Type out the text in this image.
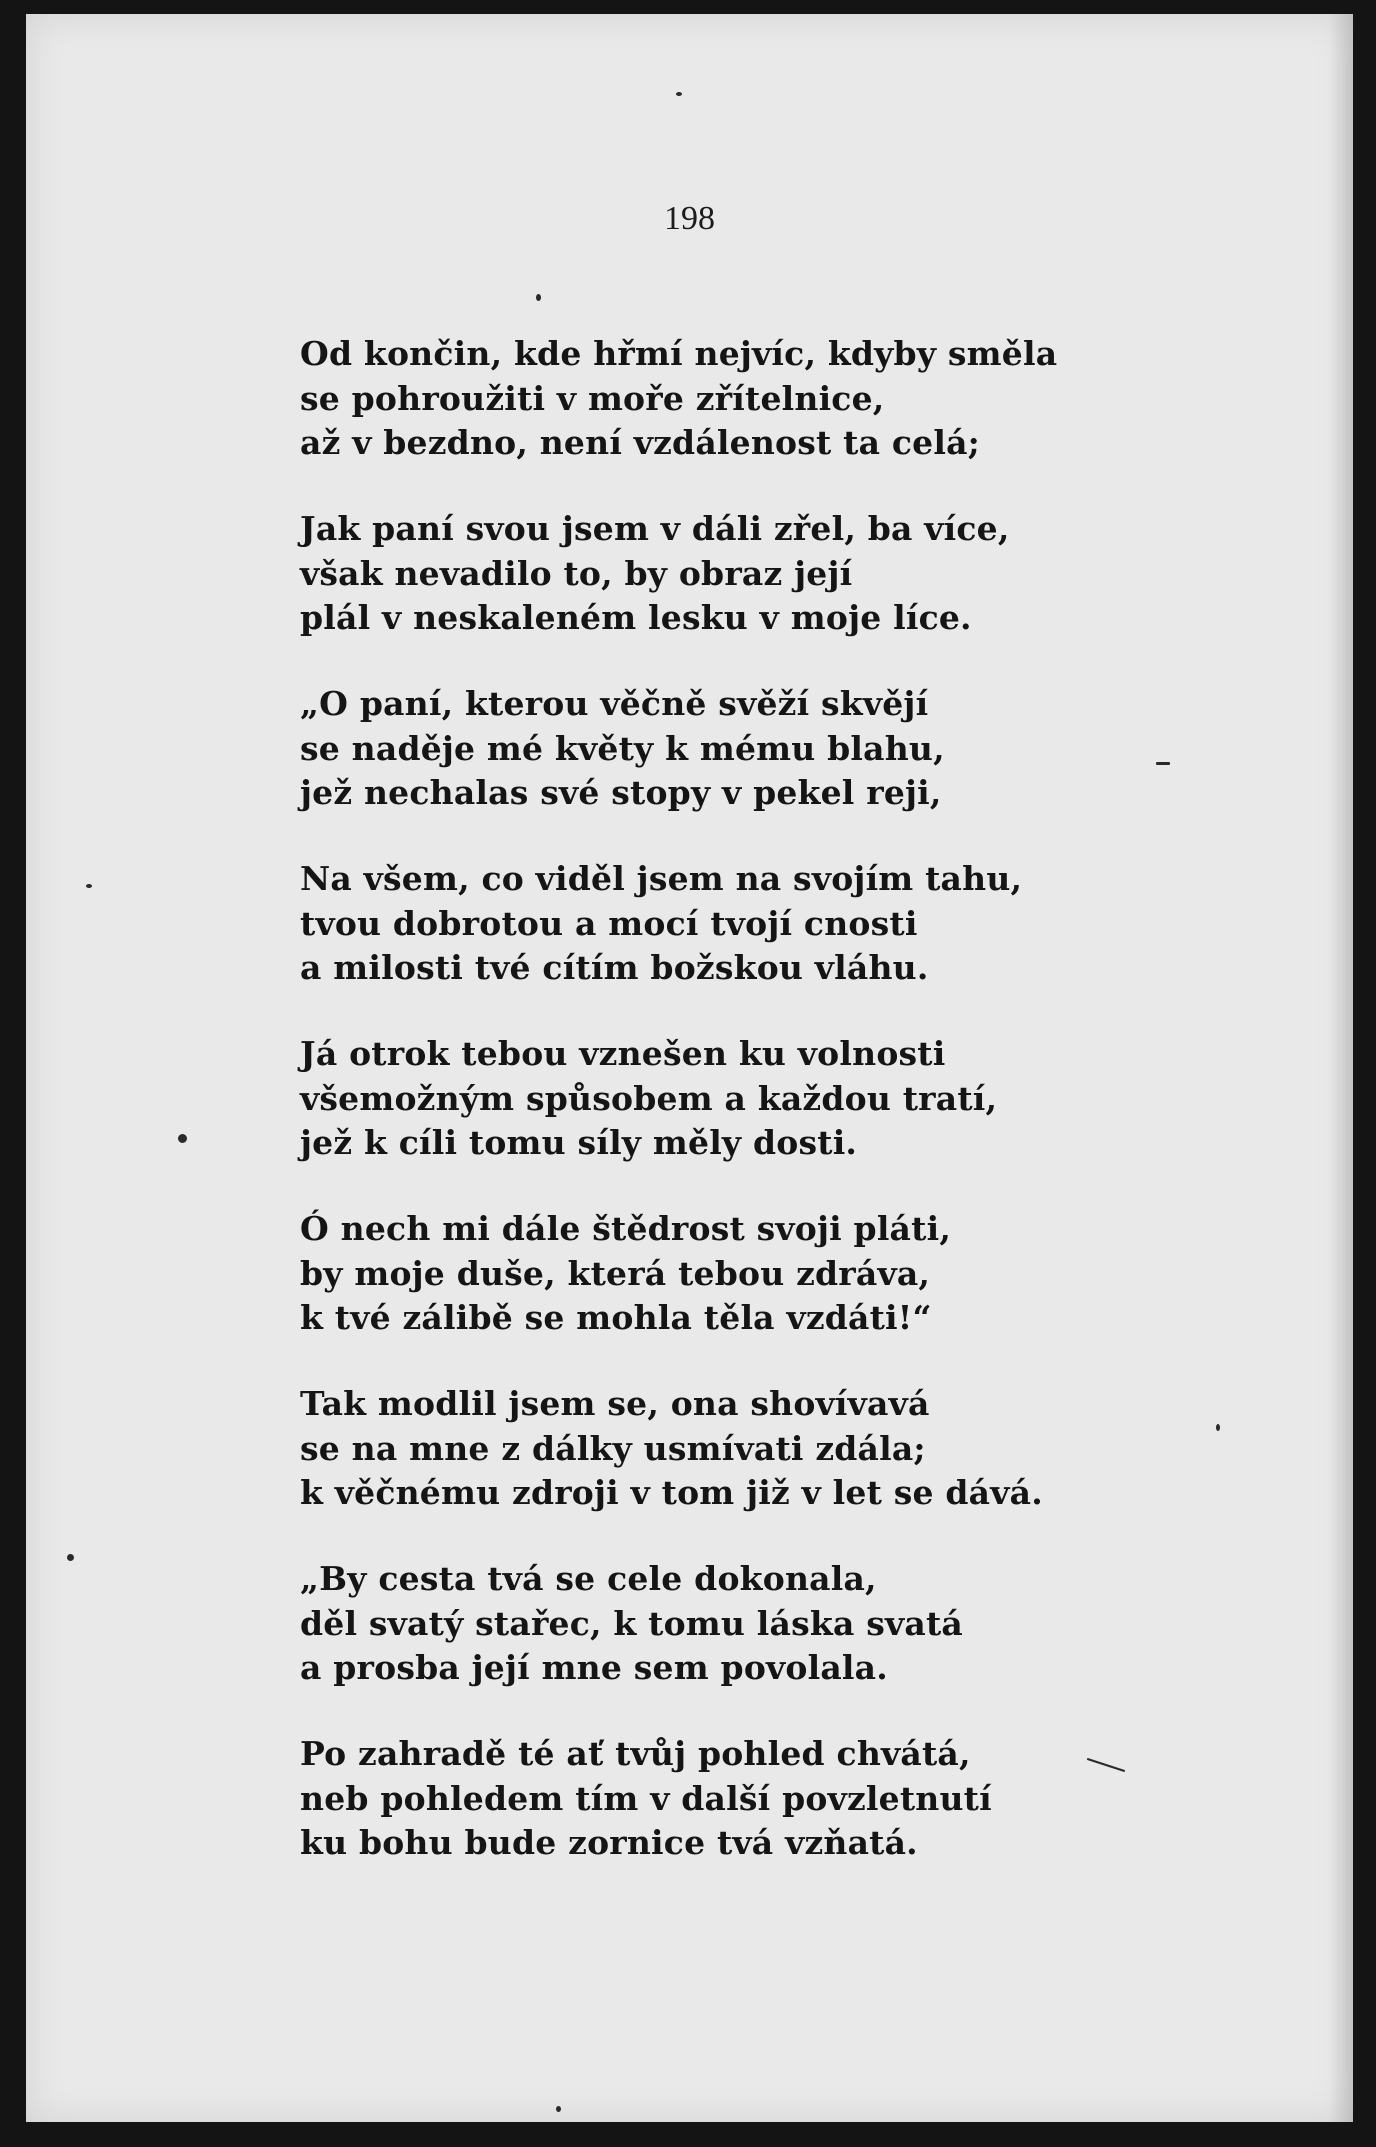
198
Od končin, kde hřmí nejvíc, kdyby směla
se pohroužiti v moře zřítelnice,
až v bezdno, není vzdálenost ta celá;
Jak paní svou jsem v dáli zřel, ba více,
však nevadilo to, by obraz její
plál v neskaleném lesku v moje líce.
„O paní, kterou věčně svěží skvějí
se naděje mé květy k mému blahu,
jež nechalas své stopy v pekel reji,
Na všem, co viděl jsem na svojím tahu,
tvou dobrotou a mocí tvojí cnosti
a milosti tvé cítím božskou vláhu.
Já otrok tebou vznešen ku volnosti
všemožným spůsobem a každou tratí,
jež k cíli tomu síly měly dosti.
Ó nech mi dále štědrost svoji pláti,
by moje duše, která tebou zdráva,
k tvé zálibě se mohla těla vzdáti!“
Tak modlil jsem se, ona shovívavá
se na mne z dálky usmívati zdála;
k věčnému zdroji v tom již v let se dává.
„By cesta tvá se cele dokonala,
děl svatý stařec, k tomu láska svatá
a prosba její mne sem povolala.
Po zahradě té ať tvůj pohled chvátá,
neb pohledem tím v další povzletnutí
ku bohu bude zornice tvá vzňatá.
